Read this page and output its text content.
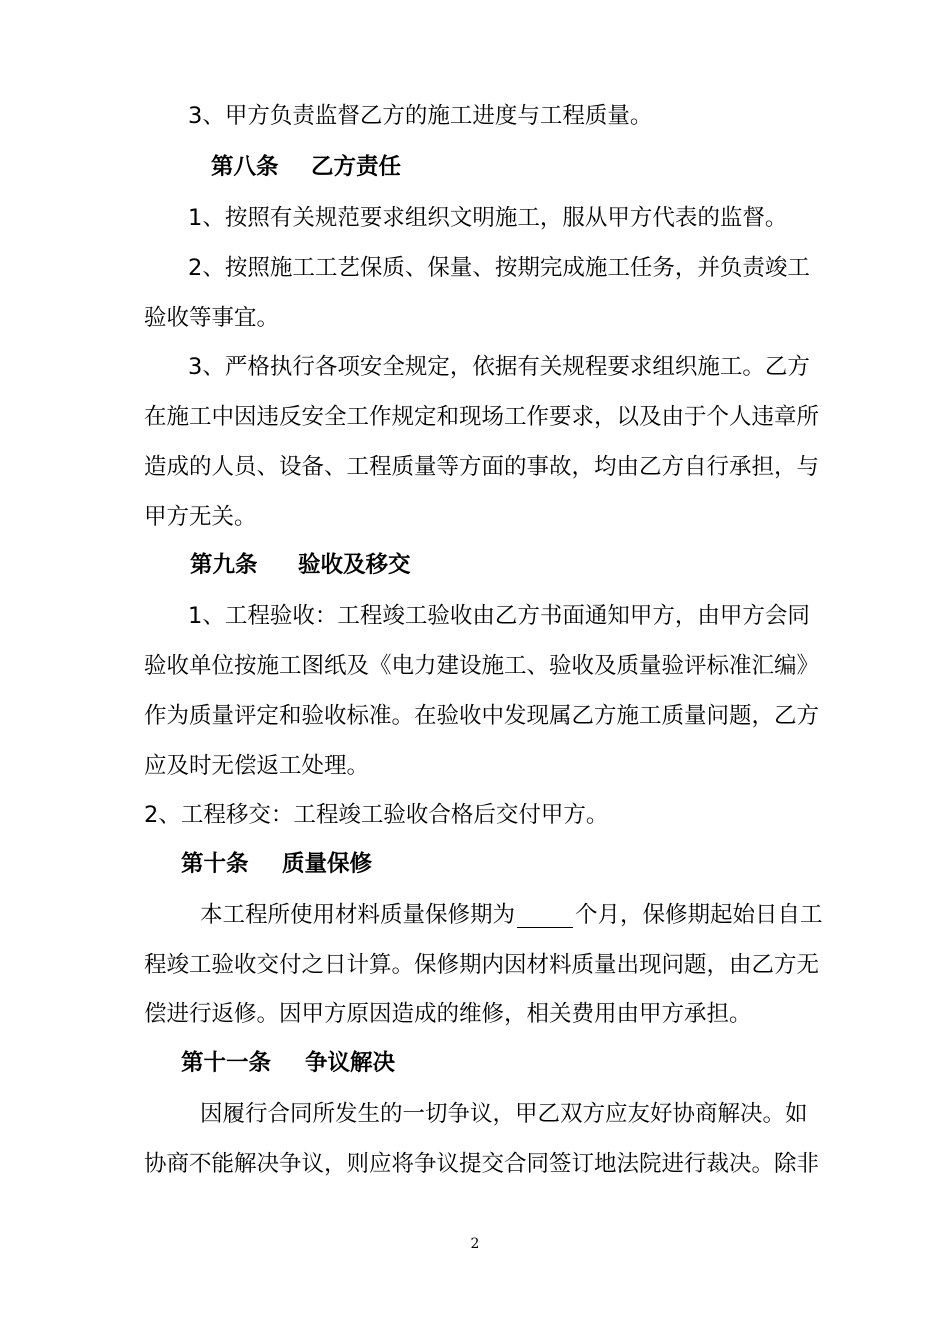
3、甲方负责监督乙方的施工进度与工程质量。
第八条 乙方责任
1、按照有关规范要求组织文明施工，服从甲方代表的监督。
2、按照施工工艺保质、保量、按期完成施工任务，并负责竣工
验收等事宜。
3、严格执行各项安全规定，依据有关规程要求组织施工。乙方
在施工中因违反安全工作规定和现场工作要求，以及由于个人违章所
造成的人员、设备、工程质量等方面的事故，均由乙方自行承担，与
甲方无关。
第九条 验收及移交
1、工程验收：工程竣工验收由乙方书面通知甲方，由甲方会同
验收单位按施工图纸及《电力建设施工、验收及质量验评标准汇编》
作为质量评定和验收标准。在验收中发现属乙方施工质量问题，乙方
应及时无偿返工处理。
2、工程移交：工程竣工验收合格后交付甲方。
第十条 质量保修
本工程所使用材料质量保修期为	个月，保修期起始日自工
程竣工验收交付之日计算。保修期内因材料质量出现问题，由乙方无
偿进行返修。因甲方原因造成的维修，相关费用由甲方承担。
第十一条 争议解决
因履行合同所发生的一切争议，甲乙双方应友好协商解决。如
协商不能解决争议，则应将争议提交合同签订地法院进行裁决。除非
2
